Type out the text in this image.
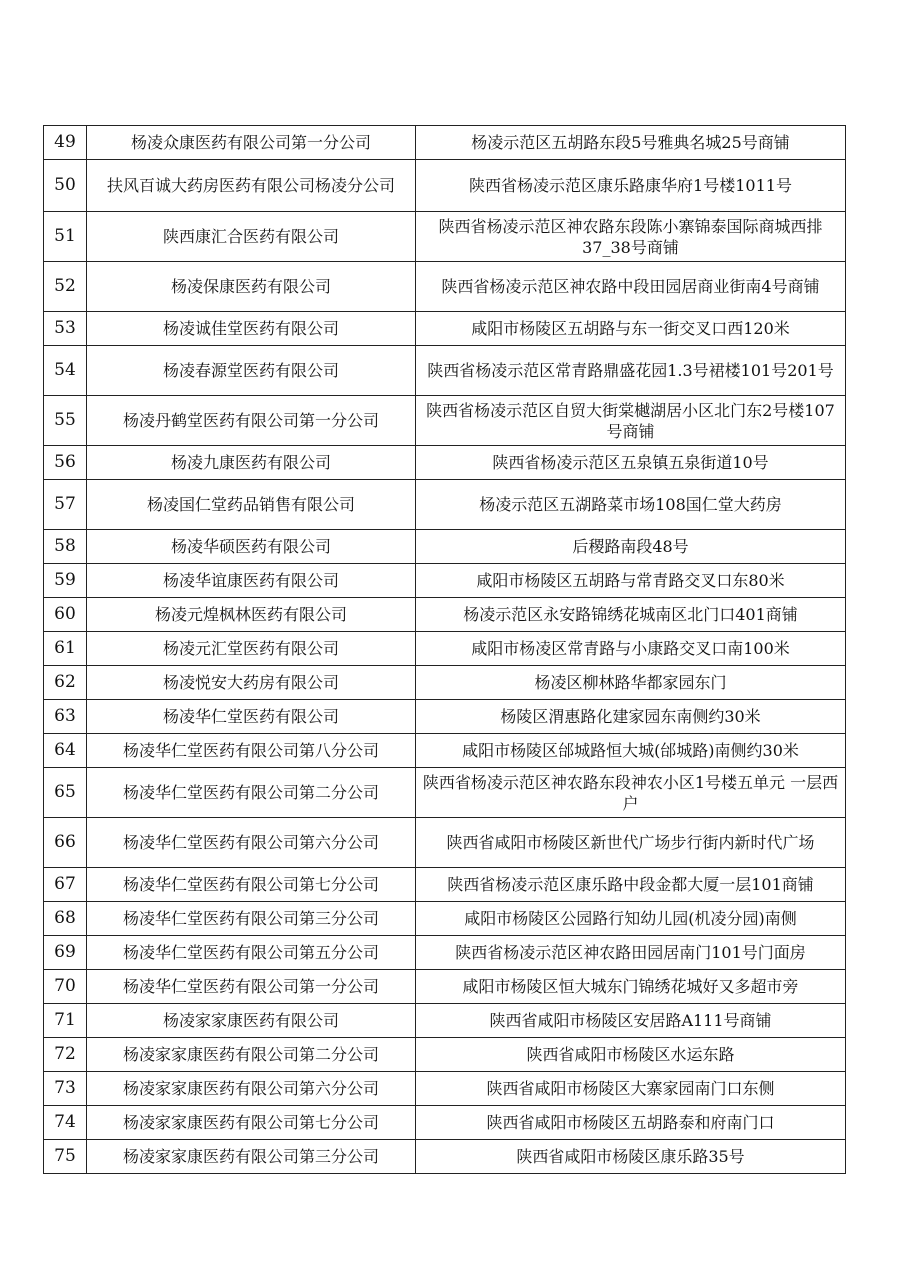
49	杨凌众康医药有限公司第一分公司	杨凌示范区五胡路东段5号雅典名城25号商铺
50	扶风百诚大药房医药有限公司杨凌分公司	陕西省杨凌示范区康乐路康华府1号楼1011号
51	陕西康汇合医药有限公司	陕西省杨凌示范区神农路东段陈小寨锦泰国际商城西排37_38号商铺
52	杨凌保康医药有限公司	陕西省杨凌示范区神农路中段田园居商业街南4号商铺
53	杨凌诚佳堂医药有限公司	咸阳市杨陵区五胡路与东一街交叉口西120米
54	杨凌春源堂医药有限公司	陕西省杨凌示范区常青路鼎盛花园1.3号裙楼101号201号
55	杨凌丹鹤堂医药有限公司第一分公司	陕西省杨凌示范区自贸大街棠樾湖居小区北门东2号楼107号商铺
56	杨凌九康医药有限公司	陕西省杨凌示范区五泉镇五泉街道10号
57	杨凌国仁堂药品销售有限公司	杨凌示范区五湖路菜市场108国仁堂大药房
58	杨凌华硕医药有限公司	后稷路南段48号
59	杨凌华谊康医药有限公司	咸阳市杨陵区五胡路与常青路交叉口东80米
60	杨凌元煌枫林医药有限公司	杨凌示范区永安路锦绣花城南区北门口401商铺
61	杨凌元汇堂医药有限公司	咸阳市杨凌区常青路与小康路交叉口南100米
62	杨凌悦安大药房有限公司	杨凌区柳林路华都家园东门
63	杨凌华仁堂医药有限公司	杨陵区渭惠路化建家园东南侧约30米
64	杨凌华仁堂医药有限公司第八分公司	咸阳市杨陵区邰城路恒大城(邰城路)南侧约30米
65	杨凌华仁堂医药有限公司第二分公司	陕西省杨凌示范区神农路东段神农小区1号楼五单元 一层西户
66	杨凌华仁堂医药有限公司第六分公司	陕西省咸阳市杨陵区新世代广场步行街内新时代广场
67	杨凌华仁堂医药有限公司第七分公司	陕西省杨凌示范区康乐路中段金都大厦一层101商铺
68	杨凌华仁堂医药有限公司第三分公司	咸阳市杨陵区公园路行知幼儿园(机凌分园)南侧
69	杨凌华仁堂医药有限公司第五分公司	陕西省杨凌示范区神农路田园居南门101号门面房
70	杨凌华仁堂医药有限公司第一分公司	咸阳市杨陵区恒大城东门锦绣花城好又多超市旁
71	杨凌家家康医药有限公司	陕西省咸阳市杨陵区安居路A111号商铺
72	杨凌家家康医药有限公司第二分公司	陕西省咸阳市杨陵区水运东路
73	杨凌家家康医药有限公司第六分公司	陕西省咸阳市杨陵区大寨家园南门口东侧
74	杨凌家家康医药有限公司第七分公司	陕西省咸阳市杨陵区五胡路泰和府南门口
75	杨凌家家康医药有限公司第三分公司	陕西省咸阳市杨陵区康乐路35号
